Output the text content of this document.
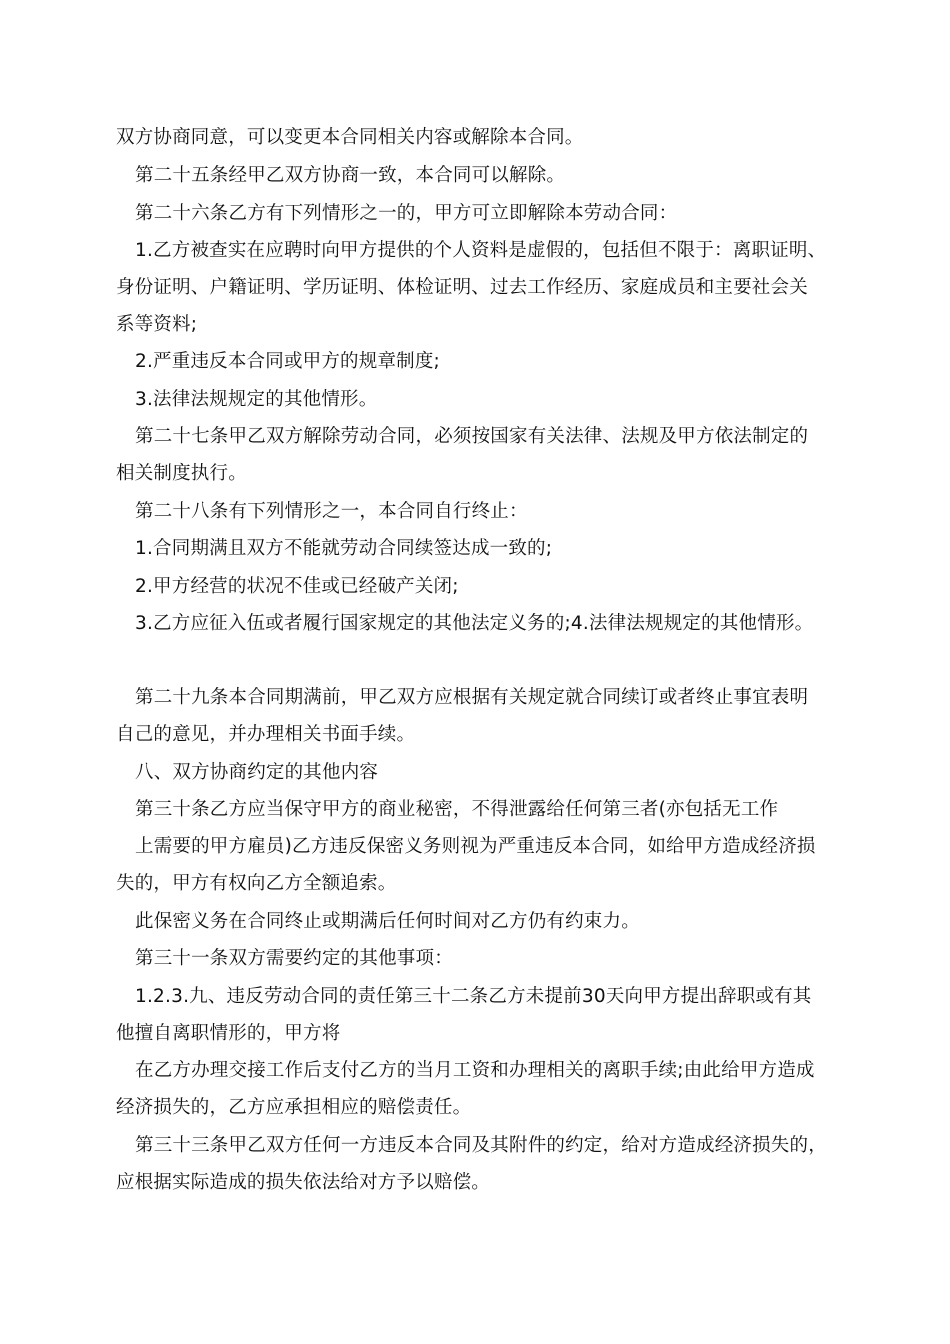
双方协商同意，可以变更本合同相关内容或解除本合同。
第二十五条经甲乙双方协商一致，本合同可以解除。
第二十六条乙方有下列情形之一的，甲方可立即解除本劳动合同：
1.乙方被查实在应聘时向甲方提供的个人资料是虚假的，包括但不限于：离职证明、
身份证明、户籍证明、学历证明、体检证明、过去工作经历、家庭成员和主要社会关
系等资料;
2.严重违反本合同或甲方的规章制度;
3.法律法规规定的其他情形。
第二十七条甲乙双方解除劳动合同，必须按国家有关法律、法规及甲方依法制定的
相关制度执行。
第二十八条有下列情形之一，本合同自行终止：
1.合同期满且双方不能就劳动合同续签达成一致的;
2.甲方经营的状况不佳或已经破产关闭;
3.乙方应征入伍或者履行国家规定的其他法定义务的;4.法律法规规定的其他情形。
第二十九条本合同期满前，甲乙双方应根据有关规定就合同续订或者终止事宜表明
自己的意见，并办理相关书面手续。
八、双方协商约定的其他内容
第三十条乙方应当保守甲方的商业秘密，不得泄露给任何第三者(亦包括无工作
上需要的甲方雇员)乙方违反保密义务则视为严重违反本合同，如给甲方造成经济损
失的，甲方有权向乙方全额追索。
此保密义务在合同终止或期满后任何时间对乙方仍有约束力。
第三十一条双方需要约定的其他事项：
1.2.3.九、违反劳动合同的责任第三十二条乙方未提前30天向甲方提出辞职或有其
他擅自离职情形的，甲方将
在乙方办理交接工作后支付乙方的当月工资和办理相关的离职手续;由此给甲方造成
经济损失的，乙方应承担相应的赔偿责任。
第三十三条甲乙双方任何一方违反本合同及其附件的约定，给对方造成经济损失的，
应根据实际造成的损失依法给对方予以赔偿。
